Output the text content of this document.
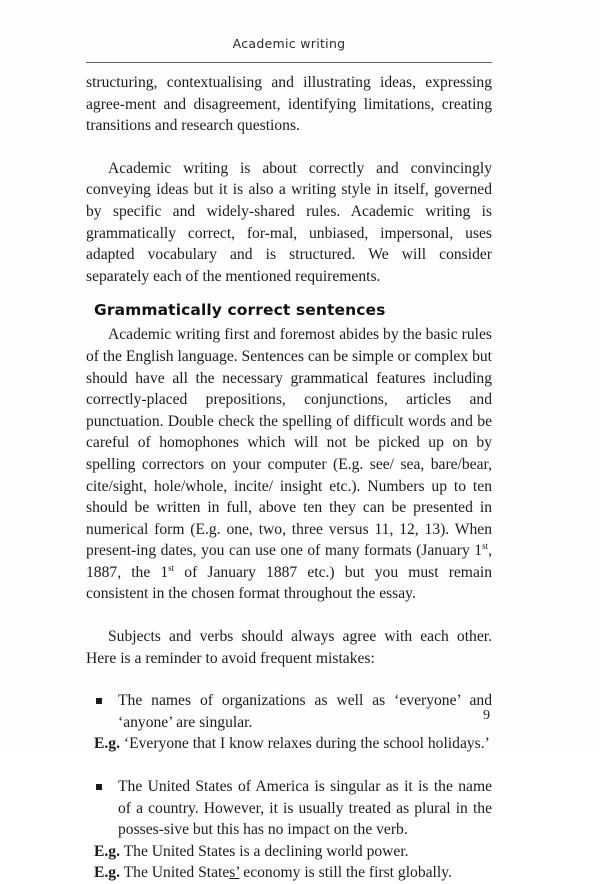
Academic writing

structuring, contextualising and illustrating ideas, expressing agree-ment and disagreement, identifying limitations, creating transitions and research questions.

Academic writing is about correctly and convincingly conveying ideas but it is also a writing style in itself, governed by specific and widely-shared rules. Academic writing is grammatically correct, for-mal, unbiased, impersonal, uses adapted vocabulary and is structured. We will consider separately each of the mentioned requirements.

Grammatically correct sentences

Academic writing first and foremost abides by the basic rules of the English language. Sentences can be simple or complex but should have all the necessary grammatical features including correctly-placed prepositions, conjunctions, articles and punctuation. Double check the spelling of difficult words and be careful of homophones which will not be picked up on by spelling correctors on your computer (E.g. see/ sea, bare/bear, cite/sight, hole/whole, incite/ insight etc.). Numbers up to ten should be written in full, above ten they can be presented in numerical form (E.g. one, two, three versus 11, 12, 13). When present-ing dates, you can use one of many formats (January 1st, 1887, the 1st of January 1887 etc.) but you must remain consistent in the chosen format throughout the essay.

Subjects and verbs should always agree with each other. Here is a reminder to avoid frequent mistakes:

The names of organizations as well as ‘everyone’ and ‘anyone’ are singular.

E.g. ‘Everyone that I know relaxes during the school holidays.’

The United States of America is singular as it is the name of a country. However, it is usually treated as plural in the posses-sive but this has no impact on the verb.

E.g. The United States is a declining world power.

E.g. The United States’ economy is still the first globally.

9
